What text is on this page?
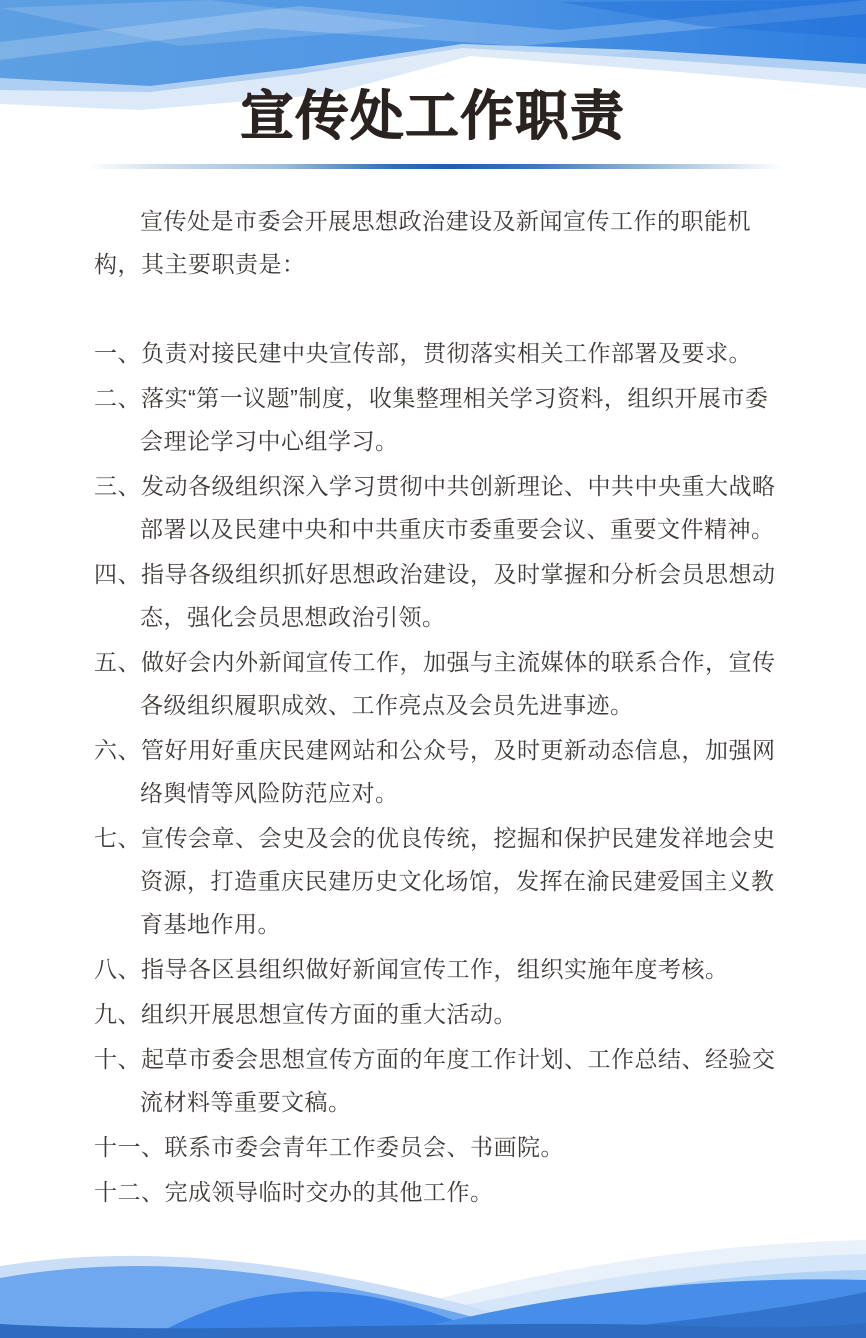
宣传处工作职责

宣传处是市委会开展思想政治建设及新闻宣传工作的职能机构，其主要职责是：

一、负责对接民建中央宣传部，贯彻落实相关工作部署及要求。

二、落实“第一议题”制度，收集整理相关学习资料，组织开展市委会理论学习中心组学习。

三、发动各级组织深入学习贯彻中共创新理论、中共中央重大战略部署以及民建中央和中共重庆市委重要会议、重要文件精神。

四、指导各级组织抓好思想政治建设，及时掌握和分析会员思想动态，强化会员思想政治引领。

五、做好会内外新闻宣传工作，加强与主流媒体的联系合作，宣传各级组织履职成效、工作亮点及会员先进事迹。

六、管好用好重庆民建网站和公众号，及时更新动态信息，加强网络舆情等风险防范应对。

七、宣传会章、会史及会的优良传统，挖掘和保护民建发祥地会史资源，打造重庆民建历史文化场馆，发挥在渝民建爱国主义教育基地作用。

八、指导各区县组织做好新闻宣传工作，组织实施年度考核。

九、组织开展思想宣传方面的重大活动。

十、起草市委会思想宣传方面的年度工作计划、工作总结、经验交流材料等重要文稿。

十一、联系市委会青年工作委员会、书画院。

十二、完成领导临时交办的其他工作。
